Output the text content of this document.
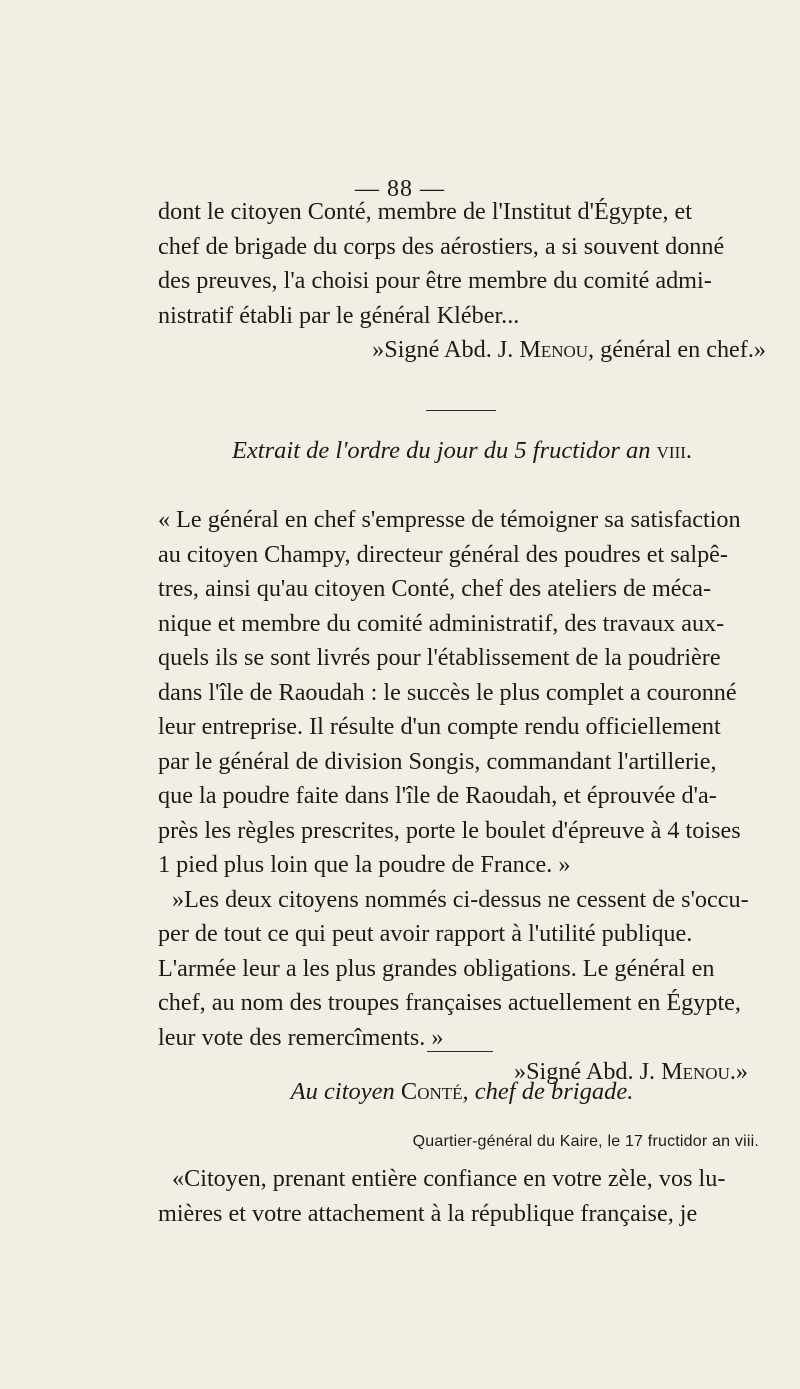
— 88 —

dont le citoyen Conté, membre de l'Institut d'Égypte, et

chef de brigade du corps des aérostiers, a si souvent donné

des preuves, l'a choisi pour être membre du comité admi-

nistratif établi par le général Kléber...

»Signé Abd. J. Menou, général en chef.»

Extrait de l'ordre du jour du 5 fructidor an viii.

« Le général en chef s'empresse de témoigner sa satisfaction

au citoyen Champy, directeur général des poudres et salpê-

tres, ainsi qu'au citoyen Conté, chef des ateliers de méca-

nique et membre du comité administratif, des travaux aux-

quels ils se sont livrés pour l'établissement de la poudrière

dans l'île de Raoudah : le succès le plus complet a couronné

leur entreprise. Il résulte d'un compte rendu officiellement

par le général de division Songis, commandant l'artillerie,

que la poudre faite dans l'île de Raoudah, et éprouvée d'a-

près les règles prescrites, porte le boulet d'épreuve à 4 toises

1 pied plus loin que la poudre de France. »

»Les deux citoyens nommés ci-dessus ne cessent de s'occu-

per de tout ce qui peut avoir rapport à l'utilité publique.

L'armée leur a les plus grandes obligations. Le général en

chef, au nom des troupes françaises actuellement en Égypte,

leur vote des remercîments. »

»Signé Abd. J. Menou.»

Au citoyen Conté, chef de brigade.
Quartier-général du Kaire, le 17 fructidor an viii.

«Citoyen, prenant entière confiance en votre zèle, vos lu-

mières et votre attachement à la république française, je
